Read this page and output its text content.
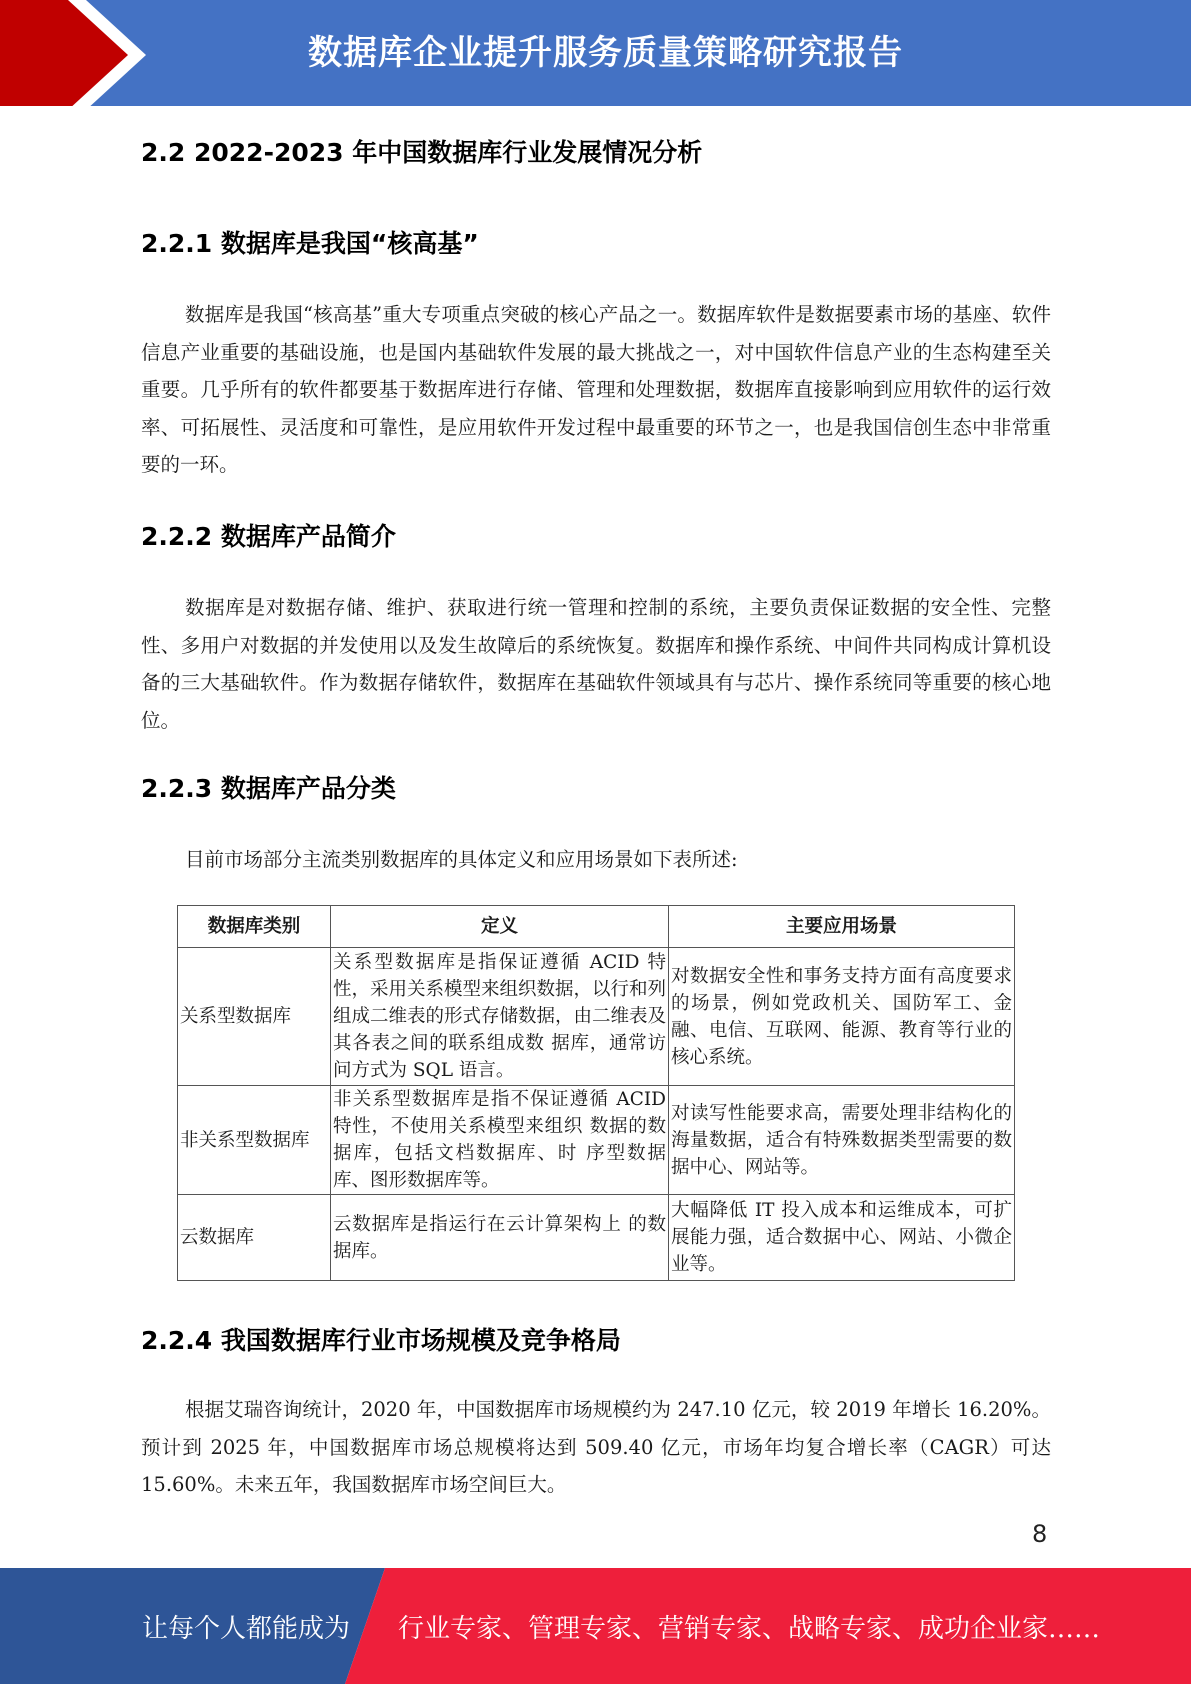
数据库企业提升服务质量策略研究报告
2.2 2022-2023 年中国数据库行业发展情况分析
2.2.1 数据库是我国“核高基”

数据库是我国“核高基”重大专项重点突破的核心产品之一。数据库软件是数据要素市场的基座、软件信息产业重要的基础设施，也是国内基础软件发展的最大挑战之一，对中国软件信息产业的生态构建至关重要。几乎所有的软件都要基于数据库进行存储、管理和处理数据，数据库直接影响到应用软件的运行效率、可拓展性、灵活度和可靠性，是应用软件开发过程中最重要的环节之一，也是我国信创生态中非常重要的一环。

2.2.2 数据库产品简介

数据库是对数据存储、维护、获取进行统一管理和控制的系统，主要负责保证数据的安全性、完整性、多用户对数据的并发使用以及发生故障后的系统恢复。数据库和操作系统、中间件共同构成计算机设备的三大基础软件。作为数据存储软件，数据库在基础软件领域具有与芯片、操作系统同等重要的核心地位。

2.2.3 数据库产品分类

目前市场部分主流类别数据库的具体定义和应用场景如下表所述:

数据库类别	定义	主要应用场景
关系型数据库	关系型数据库是指保证遵循 ACID 特性，采用关系模型来组织数据，以行和列组成二维表的形式存储数据，由二维表及其各表之间的联系组成数 据库，通常访问方式为 SQL 语言。	对数据安全性和事务支持方面有高度要求的场景，例如党政机关、国防军工、金融、电信、互联网、能源、教育等行业的核心系统。
非关系型数据库	非关系型数据库是指不保证遵循 ACID 特性，不使用关系模型来组织 数据的数据库，包括文档数据库、时 序型数据库、图形数据库等。	对读写性能要求高，需要处理非结构化的海量数据，适合有特殊数据类型需要的数据中心、网站等。
云数据库	云数据库是指运行在云计算架构上 的数据库。	大幅降低 IT 投入成本和运维成本，可扩展能力强，适合数据中心、网站、小微企业等。
2.2.4 我国数据库行业市场规模及竞争格局

根据艾瑞咨询统计，2020 年，中国数据库市场规模约为 247.10 亿元，较 2019 年增长 16.20%。预计到 2025 年，中国数据库市场总规模将达到 509.40 亿元，市场年均复合增长率（CAGR）可达 15.60%。未来五年，我国数据库市场空间巨大。

8
让每个人都能成为 行业专家、管理专家、营销专家、战略专家、成功企业家……
